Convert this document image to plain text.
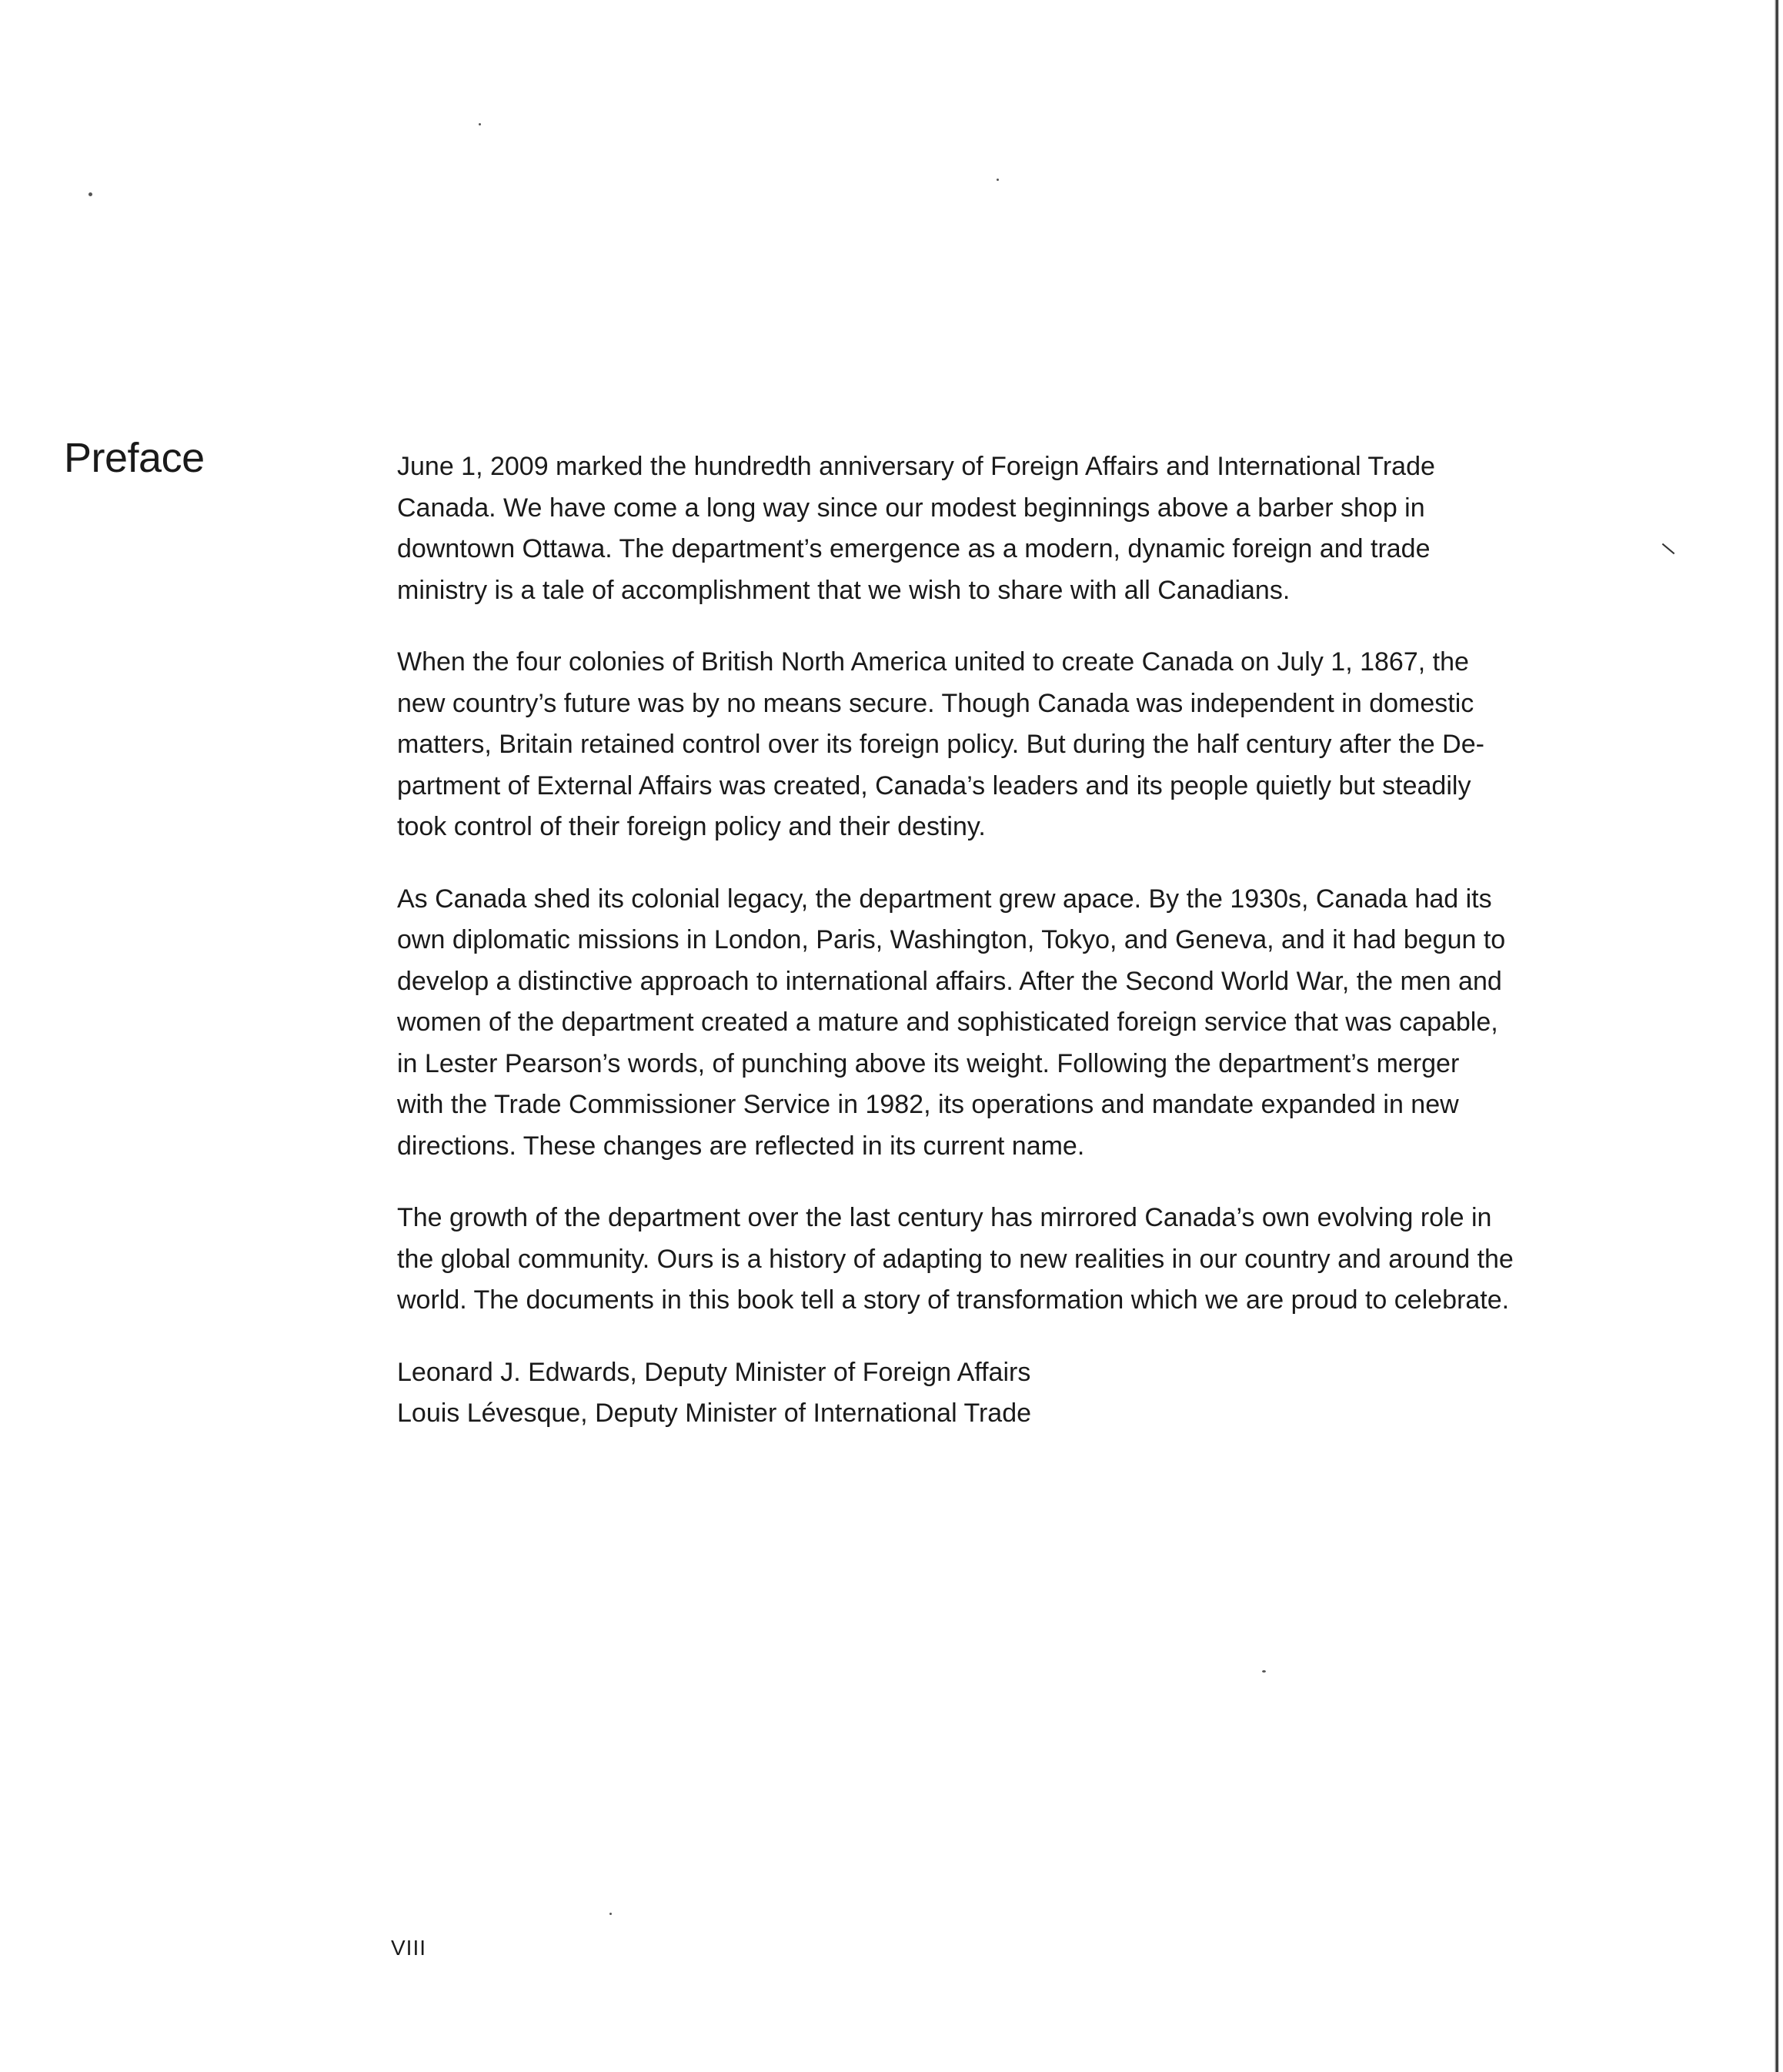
Preface	June 1, 2009 marked the hundredth anniversary of Foreign Affairs and International Trade
Canada. We have come a long way since our modest beginnings above a barber shop in
downtown Ottawa. The department’s emergence as a modern, dynamic foreign and trade
ministry is a tale of accomplishment that we wish to share with all Canadians.

When the four colonies of British North America united to create Canada on July 1, 1867, the
new country’s future was by no means secure. Though Canada was independent in domestic
matters, Britain retained control over its foreign policy. But during the half century after the De-
partment of External Affairs was created, Canada’s leaders and its people quietly but steadily
took control of their foreign policy and their destiny.

As Canada shed its colonial legacy, the department grew apace. By the 1930s, Canada had its
own diplomatic missions in London, Paris, Washington, Tokyo, and Geneva, and it had begun to
develop a distinctive approach to international affairs. After the Second World War, the men and
women of the department created a mature and sophisticated foreign service that was capable,
in Lester Pearson’s words, of punching above its weight. Following the department’s merger
with the Trade Commissioner Service in 1982, its operations and mandate expanded in new
directions. These changes are reflected in its current name.

The growth of the department over the last century has mirrored Canada’s own evolving role in
the global community. Ours is a history of adapting to new realities in our country and around the
world. The documents in this book tell a story of transformation which we are proud to celebrate.

Leonard J. Edwards, Deputy Minister of Foreign Affairs
Louis Lévesque, Deputy Minister of International Trade
VIII
